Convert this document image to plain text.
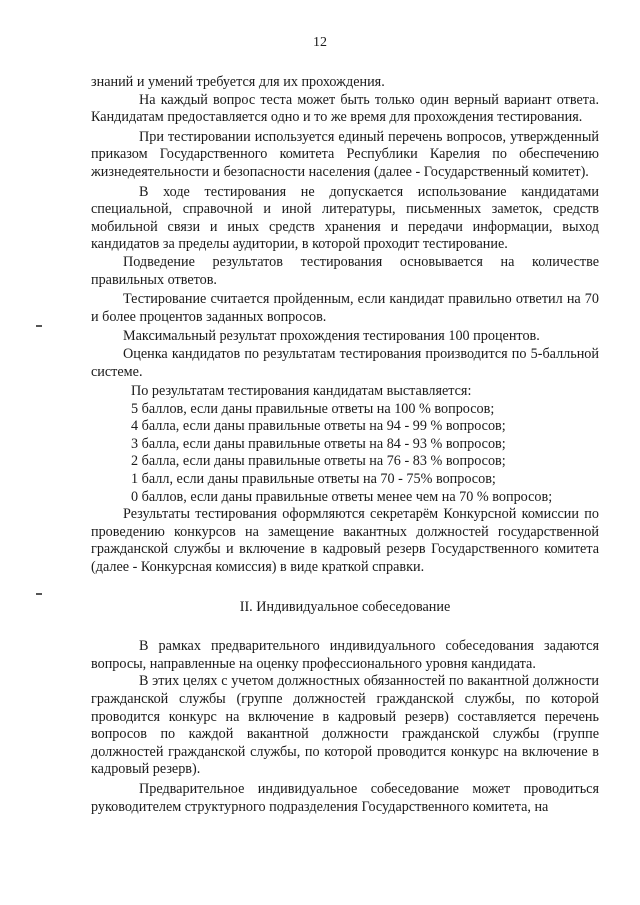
12

знаний и умений требуется для их прохождения.

На каждый вопрос теста может быть только один верный вариант ответа. Кандидатам предоставляется одно и то же время для прохождения тестирования.

При тестировании используется единый перечень вопросов, утвержденный приказом Государственного комитета Республики Карелия по обеспечению жизнедеятельности и безопасности населения (далее - Государственный комитет).

В ходе тестирования не допускается использование кандидатами специальной, справочной и иной литературы, письменных заметок, средств мобильной связи и иных средств хранения и передачи информации, выход кандидатов за пределы аудитории, в которой проходит тестирование.

Подведение результатов тестирования основывается на количестве правильных ответов.

Тестирование считается пройденным, если кандидат правильно ответил на 70 и более процентов заданных вопросов.

Максимальный результат прохождения тестирования 100 процентов.

Оценка кандидатов по результатам тестирования производится по 5-балльной системе.

По результатам тестирования кандидатам выставляется:

5 баллов, если даны правильные ответы на 100 % вопросов;

4 балла, если даны правильные ответы на 94 - 99 % вопросов;

3 балла, если даны правильные ответы на 84 - 93 % вопросов;

2 балла, если даны правильные ответы на 76 - 83 % вопросов;

1 балл, если даны правильные ответы на 70 - 75% вопросов;

0 баллов, если даны правильные ответы менее чем на 70 % вопросов;

Результаты тестирования оформляются секретарём Конкурсной комиссии по проведению конкурсов на замещение вакантных должностей государственной гражданской службы и включение в кадровый резерв Государственного комитета (далее - Конкурсная комиссия) в виде краткой справки.

II. Индивидуальное собеседование

В рамках предварительного индивидуального собеседования задаются вопросы, направленные на оценку профессионального уровня кандидата.

В этих целях с учетом должностных обязанностей по вакантной должности гражданской службы (группе должностей гражданской службы, по которой проводится конкурс на включение в кадровый резерв) составляется перечень вопросов по каждой вакантной должности гражданской службы (группе должностей гражданской службы, по которой проводится конкурс на включение в кадровый резерв).

Предварительное индивидуальное собеседование может проводиться руководителем структурного подразделения Государственного комитета, на
